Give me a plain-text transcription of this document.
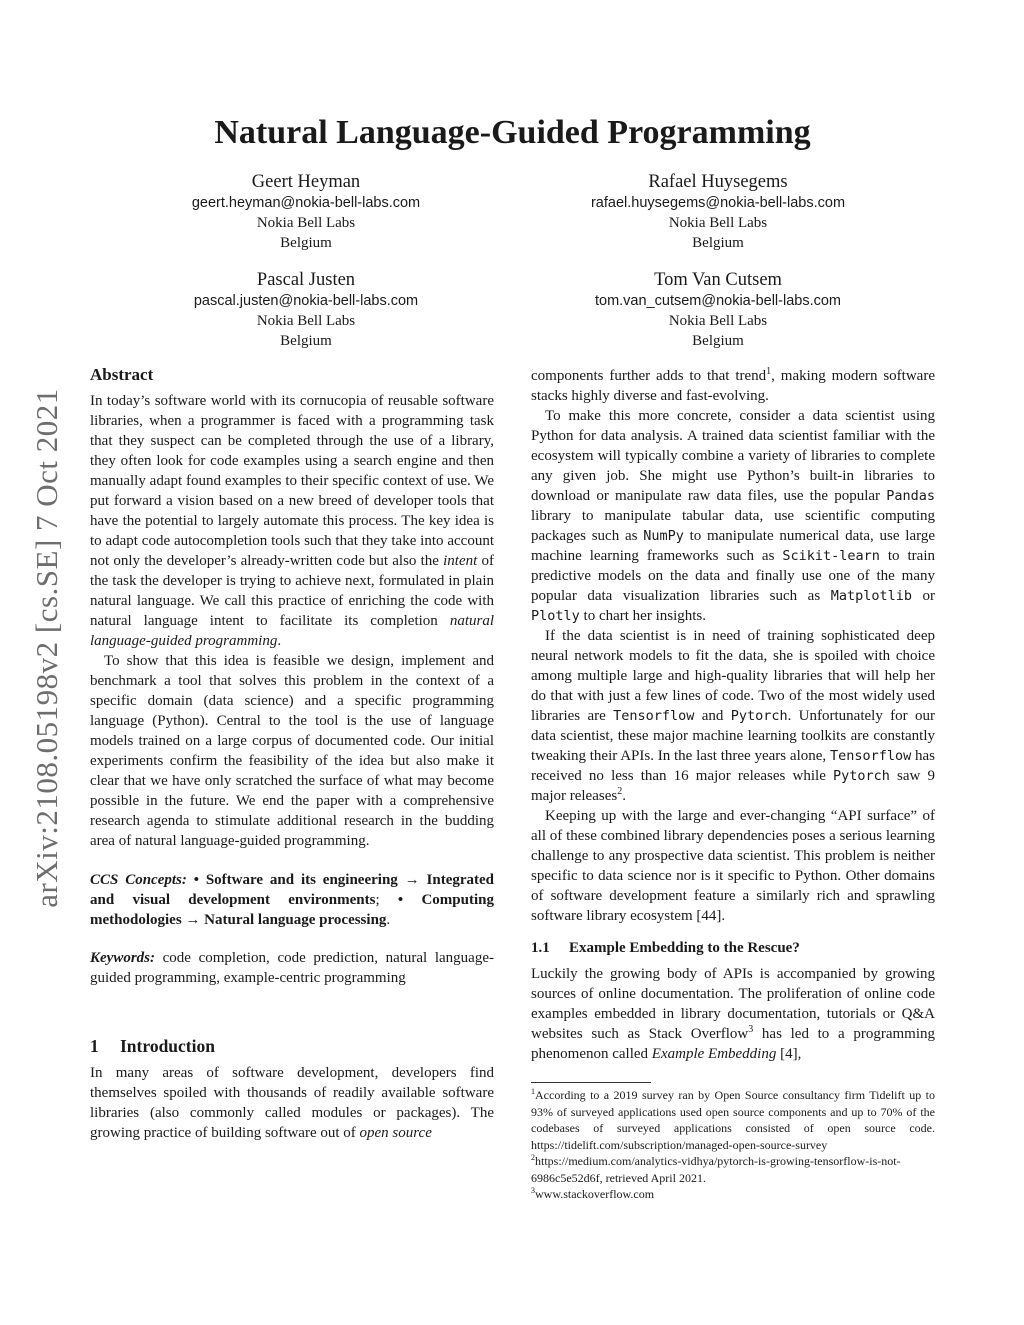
arXiv:2108.05198v2 [cs.SE] 7 Oct 2021
Natural Language-Guided Programming
Geert Heyman
geert.heyman@nokia-bell-labs.com
Nokia Bell Labs
Belgium
Rafael Huysegems
rafael.huysegems@nokia-bell-labs.com
Nokia Bell Labs
Belgium
Pascal Justen
pascal.justen@nokia-bell-labs.com
Nokia Bell Labs
Belgium
Tom Van Cutsem
tom.van_cutsem@nokia-bell-labs.com
Nokia Bell Labs
Belgium
Abstract

In today’s software world with its cornucopia of reusable software libraries, when a programmer is faced with a programming task that they suspect can be completed through the use of a library, they often look for code examples using a search engine and then manually adapt found examples to their specific context of use. We put forward a vision based on a new breed of developer tools that have the potential to largely automate this process. The key idea is to adapt code autocompletion tools such that they take into account not only the developer’s already-written code but also the intent of the task the developer is trying to achieve next, formulated in plain natural language. We call this practice of enriching the code with natural language intent to facilitate its completion natural language-guided programming.

To show that this idea is feasible we design, implement and benchmark a tool that solves this problem in the context of a specific domain (data science) and a specific programming language (Python). Central to the tool is the use of language models trained on a large corpus of documented code. Our initial experiments confirm the feasibility of the idea but also make it clear that we have only scratched the surface of what may become possible in the future. We end the paper with a comprehensive research agenda to stimulate additional research in the budding area of natural language-guided programming.

CCS Concepts: • Software and its engineering → Integrated and visual development environments; • Computing methodologies → Natural language processing.

Keywords: code completion, code prediction, natural language-guided programming, example-centric programming

1 Introduction

In many areas of software development, developers find themselves spoiled with thousands of readily available software libraries (also commonly called modules or packages). The growing practice of building software out of open source

components further adds to that trend$^1$, making modern software stacks highly diverse and fast-evolving.

To make this more concrete, consider a data scientist using Python for data analysis. A trained data scientist familiar with the ecosystem will typically combine a variety of libraries to complete any given job. She might use Python’s built-in libraries to download or manipulate raw data files, use the popular Pandas library to manipulate tabular data, use scientific computing packages such as NumPy to manipulate numerical data, use large machine learning frameworks such as Scikit-learn to train predictive models on the data and finally use one of the many popular data visualization libraries such as Matplotlib or Plotly to chart her insights.

If the data scientist is in need of training sophisticated deep neural network models to fit the data, she is spoiled with choice among multiple large and high-quality libraries that will help her do that with just a few lines of code. Two of the most widely used libraries are Tensorflow and Pytorch. Unfortunately for our data scientist, these major machine learning toolkits are constantly tweaking their APIs. In the last three years alone, Tensorflow has received no less than 16 major releases while Pytorch saw 9 major releases$^2$.

Keeping up with the large and ever-changing “API surface” of all of these combined library dependencies poses a serious learning challenge to any prospective data scientist. This problem is neither specific to data science nor is it specific to Python. Other domains of software development feature a similarly rich and sprawling software library ecosystem [44].

1.1 Example Embedding to the Rescue?

Luckily the growing body of APIs is accompanied by growing sources of online documentation. The proliferation of online code examples embedded in library documentation, tutorials or Q&A websites such as Stack Overflow$^3$ has led to a programming phenomenon called Example Embedding [4],

$^1$According to a 2019 survey ran by Open Source consultancy firm Tidelift up to 93% of surveyed applications used open source components and up to 70% of the codebases of surveyed applications consisted of open source code. https://tidelift.com/subscription/managed-open-source-survey

$^2$https://medium.com/analytics-vidhya/pytorch-is-growing-tensorflow-is-not-6986c5e52d6f, retrieved April 2021.

$^3$www.stackoverflow.com
